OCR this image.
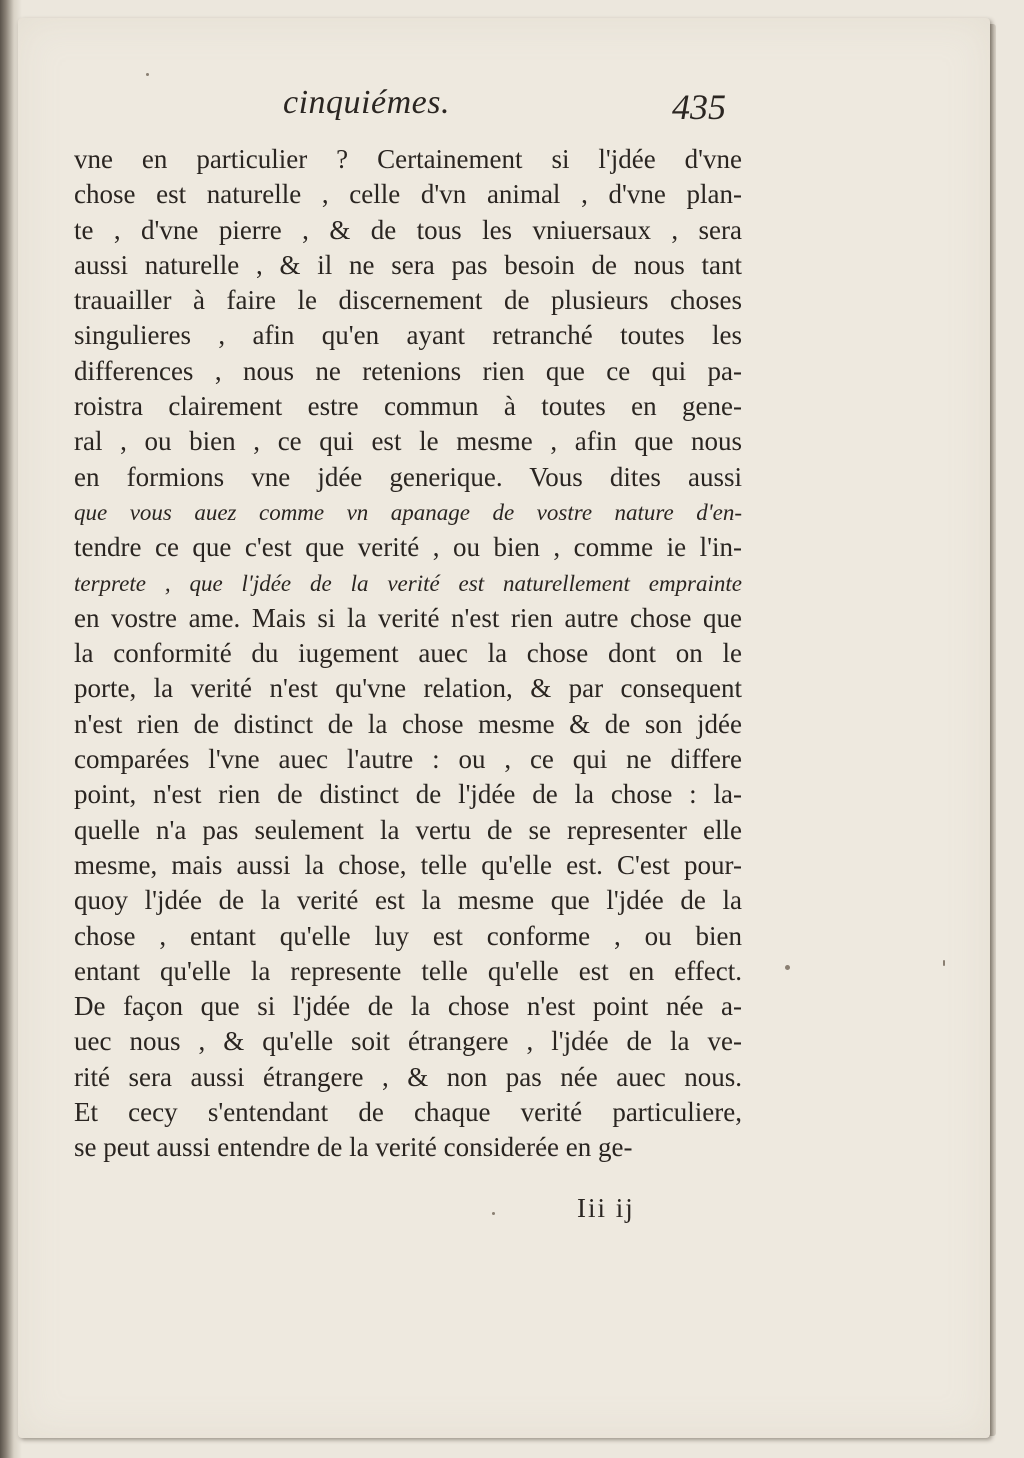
cinquiémes.	435
vne en particulier ? Certainement si l'jdée d'vne
chose est naturelle , celle d'vn animal , d'vne plan-
te , d'vne pierre , & de tous les vniuersaux , sera
aussi naturelle , & il ne sera pas besoin de nous tant
trauailler à faire le discernement de plusieurs choses
singulieres , afin qu'en ayant retranché toutes les
differences , nous ne retenions rien que ce qui pa-
roistra clairement estre commun à toutes en gene-
ral , ou bien , ce qui est le mesme , afin que nous
en formions vne jdée generique. Vous dites aussi
que vous auez comme vn apanage de vostre nature d'en-
tendre ce que c'est que verité , ou bien , comme ie l'in-
terprete , que l'jdée de la verité est naturellement emprainte
en vostre ame. Mais si la verité n'est rien autre chose que
la conformité du iugement auec la chose dont on le
porte, la verité n'est qu'vne relation, & par consequent
n'est rien de distinct de la chose mesme & de son jdée
comparées l'vne auec l'autre : ou , ce qui ne differe
point, n'est rien de distinct de l'jdée de la chose : la-
quelle n'a pas seulement la vertu de se representer elle
mesme, mais aussi la chose, telle qu'elle est. C'est pour-
quoy l'jdée de la verité est la mesme que l'jdée de la
chose , entant qu'elle luy est conforme , ou bien
entant qu'elle la represente telle qu'elle est en effect.
De façon que si l'jdée de la chose n'est point née a-
uec nous , & qu'elle soit étrangere , l'jdée de la ve-
rité sera aussi étrangere , & non pas née auec nous.
Et cecy s'entendant de chaque verité particuliere,
se peut aussi entendre de la verité considerée en ge-
Iii ij
